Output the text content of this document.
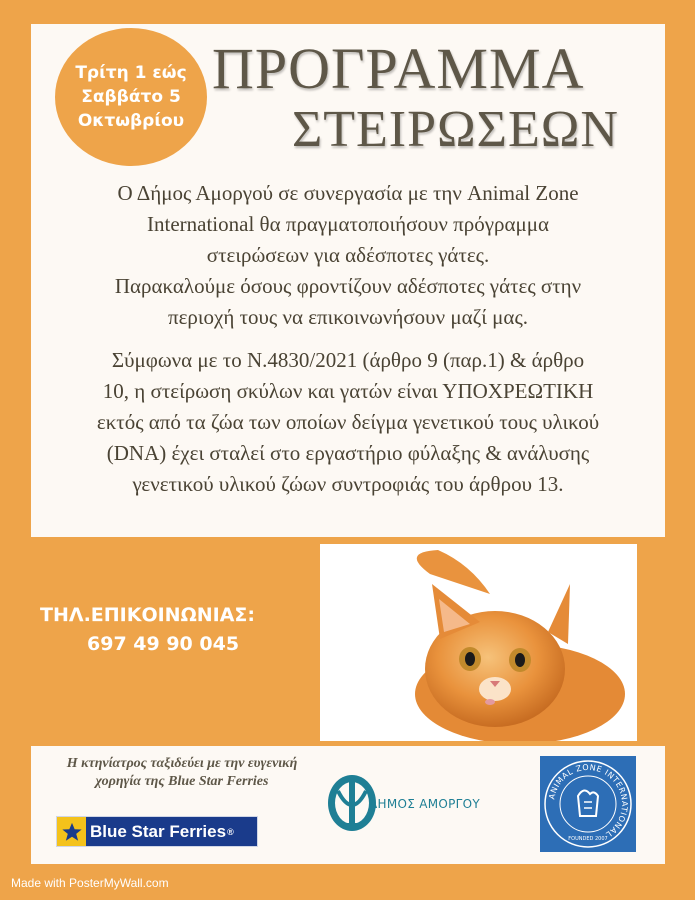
Τρίτη 1 εώς
Σαββάτο 5
Οκτωβρίου
ΠΡΟΓΡΑΜΜΑ
ΣΤΕΙΡΩΣΕΩΝ
Ο Δήμος Αμοργού σε συνεργασία με την Animal Zone
International θα πραγματοποιήσουν πρόγραμμα
στειρώσεων για αδέσποτες γάτες.
Παρακαλούμε όσους φροντίζουν αδέσποτες γάτες στην
περιοχή τους να επικοινωνήσουν μαζί μας.
Σύμφωνα με το Ν.4830/2021 (άρθρο 9 (παρ.1) & άρθρο
10, η στείρωση σκύλων και γατών είναι ΥΠΟΧΡΕΩΤΙΚΗ
εκτός από τα ζώα των οποίων δείγμα γενετικού τους υλικού
(DNA) έχει σταλεί στο εργαστήριο φύλαξης & ανάλυσης
γενετικού υλικού ζώων συντροφιάς του άρθρου 13.
ΤΗΛ.ΕΠΙΚΟΙΝΩΝΙΑΣ:
697 49 90 045
Η κτηνίατρος ταξιδεύει με την ευγενική χορηγία της Blue Star Ferries
Blue Star Ferries ®
ΔΗΜΟΣ ΑΜΟΡΓΟΥ
ANIMAL ZONE INTERNATIONAL
FOUNDED 2007
Made with PosterMyWall.com
